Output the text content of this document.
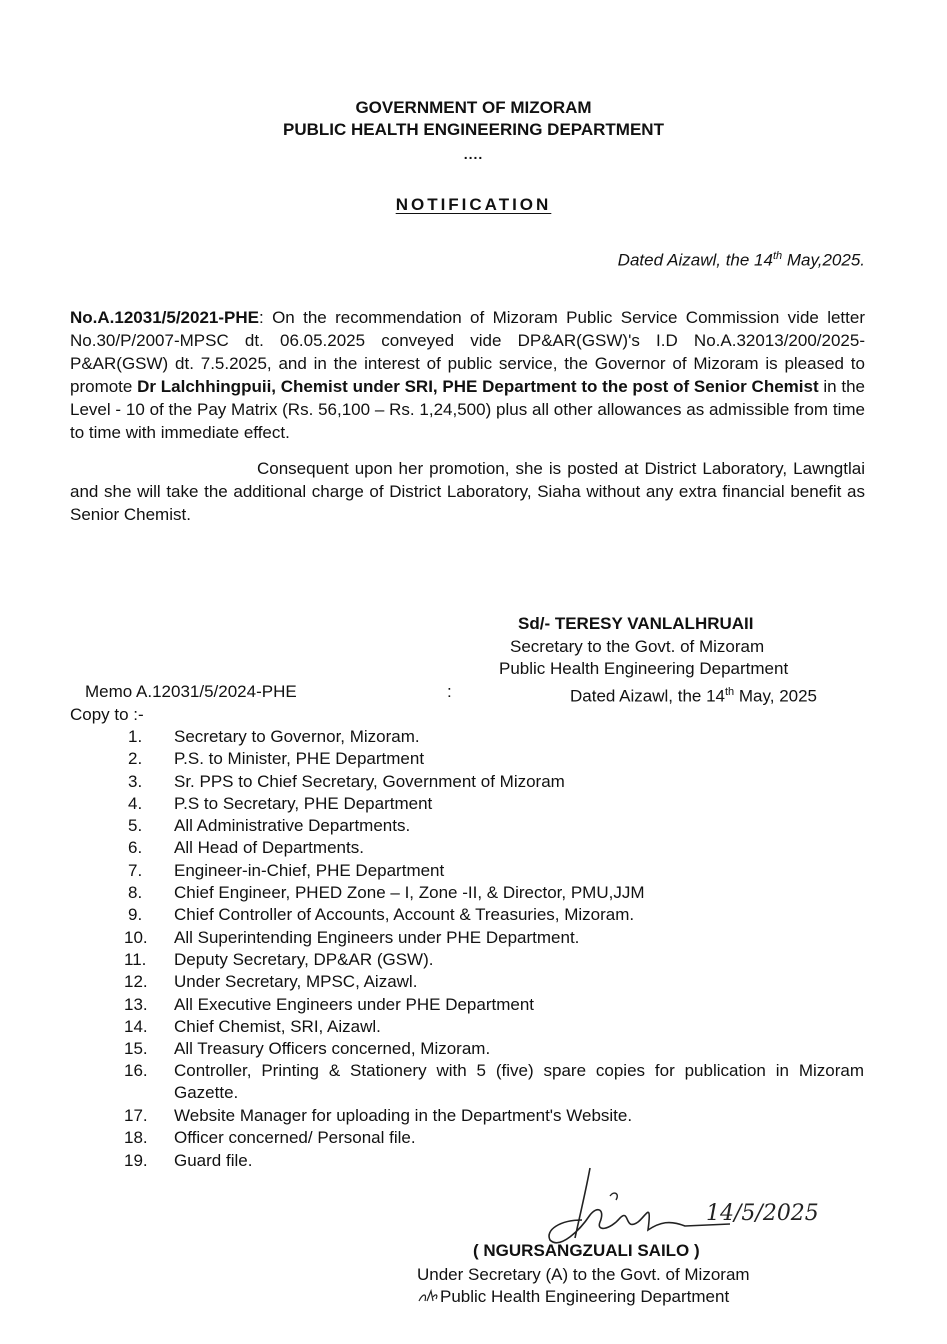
GOVERNMENT OF MIZORAM
PUBLIC HEALTH ENGINEERING DEPARTMENT
....
NOTIFICATION
Dated Aizawl, the 14th May,2025.
No.A.12031/5/2021-PHE: On the recommendation of Mizoram Public Service Commission vide letter No.30/P/2007-MPSC dt. 06.05.2025 conveyed vide DP&AR(GSW)'s I.D No.A.32013/200/2025- P&AR(GSW) dt. 7.5.2025, and in the interest of public service, the Governor of Mizoram is pleased to promote Dr Lalchhingpuii, Chemist under SRI, PHE Department to the post of Senior Chemist in the Level - 10 of the Pay Matrix (Rs. 56,100 – Rs. 1,24,500) plus all other allowances as admissible from time to time with immediate effect.
Consequent upon her promotion, she is posted at District Laboratory, Lawngtlai and she will take the additional charge of District Laboratory, Siaha without any extra financial benefit as Senior Chemist.
Sd/- TERESY VANLALHRUAII
Secretary to the Govt. of Mizoram
Public Health Engineering Department
Memo A.12031/5/2024-PHE	:	Dated Aizawl, the 14th May, 2025
Copy to :-
1.	Secretary to Governor, Mizoram.
2.	P.S. to Minister, PHE Department
3.	Sr. PPS to Chief Secretary, Government of Mizoram
4.	P.S to Secretary, PHE Department
5.	All Administrative Departments.
6.	All Head of Departments.
7.	Engineer-in-Chief, PHE Department
8.	Chief Engineer, PHED Zone – I, Zone -II, & Director, PMU,JJM
9.	Chief Controller of Accounts, Account & Treasuries, Mizoram.
10.	All Superintending Engineers under PHE Department.
11.	Deputy Secretary, DP&AR (GSW).
12.	Under Secretary, MPSC, Aizawl.
13.	All Executive Engineers under PHE Department
14.	Chief Chemist, SRI, Aizawl.
15.	All Treasury Officers concerned, Mizoram.
16.	Controller, Printing & Stationery with 5 (five) spare copies for publication in Mizoram Gazette.
17.	Website Manager for uploading in the Department's Website.
18.	Officer concerned/ Personal file.
19.	Guard file.
14/5/2025
( NGURSANGZUALI SAILO )
Under Secretary (A) to the Govt. of Mizoram
Public Health Engineering Department
